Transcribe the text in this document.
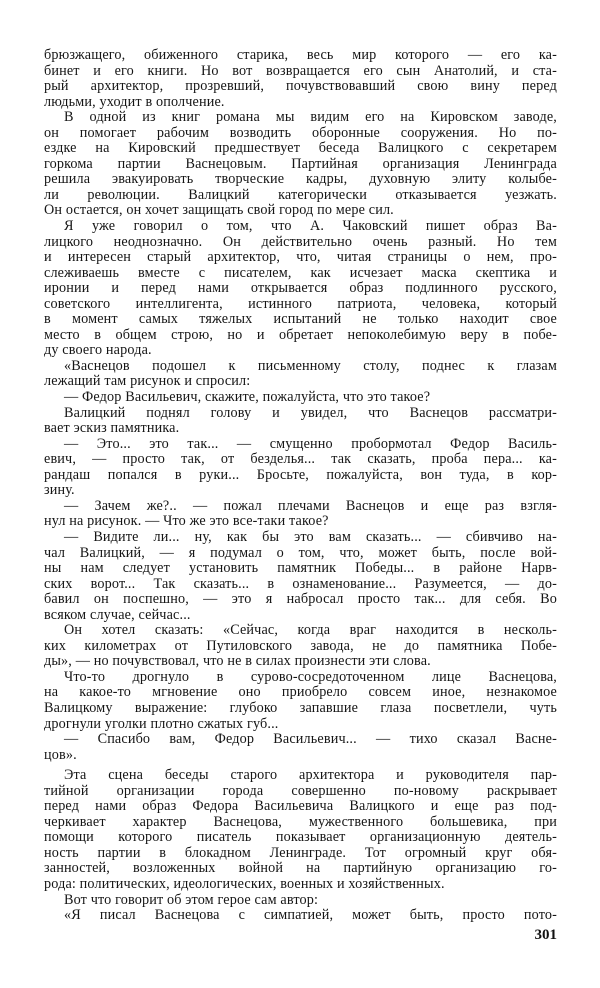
брюзжащего, обиженного старика, весь мир которого — его ка-
бинет и его книги. Но вот возвращается его сын Анатолий, и ста-
рый архитектор, прозревший, почувствовавший свою вину перед
людьми, уходит в ополчение.
В одной из книг романа мы видим его на Кировском заводе,
он помогает рабочим возводить оборонные сооружения. Но по-
ездке на Кировский предшествует беседа Валицкого с секретарем
горкома партии Васнецовым. Партийная организация Ленинграда
решила эвакуировать творческие кадры, духовную элиту колыбе-
ли революции. Валицкий категорически отказывается уезжать.
Он остается, он хочет защищать свой город по мере сил.
Я уже говорил о том, что А. Чаковский пишет образ Ва-
лицкого неоднозначно. Он действительно очень разный. Но тем
и интересен старый архитектор, что, читая страницы о нем, про-
слеживаешь вместе с писателем, как исчезает маска скептика и
иронии и перед нами открывается образ подлинного русского,
советского интеллигента, истинного патриота, человека, который
в момент самых тяжелых испытаний не только находит свое
место в общем строю, но и обретает непоколебимую веру в побе-
ду своего народа.
«Васнецов подошел к письменному столу, поднес к глазам
лежащий там рисунок и спросил:
— Федор Васильевич, скажите, пожалуйста, что это такое?
Валицкий поднял голову и увидел, что Васнецов рассматри-
вает эскиз памятника.
— Это... это так... — смущенно пробормотал Федор Василь-
евич, — просто так, от безделья... так сказать, проба пера... ка-
рандаш попался в руки... Бросьте, пожалуйста, вон туда, в кор-
зину.
— Зачем же?.. — пожал плечами Васнецов и еще раз взгля-
нул на рисунок. — Что же это все-таки такое?
— Видите ли... ну, как бы это вам сказать... — сбивчиво на-
чал Валицкий, — я подумал о том, что, может быть, после вой-
ны нам следует установить памятник Победы... в районе Нарв-
ских ворот... Так сказать... в ознаменование... Разумеется, — до-
бавил он поспешно, — это я набросал просто так... для себя. Во
всяком случае, сейчас...
Он хотел сказать: «Сейчас, когда враг находится в несколь-
ких километрах от Путиловского завода, не до памятника Побе-
ды», — но почувствовал, что не в силах произнести эти слова.
Что-то дрогнуло в сурово-сосредоточенном лице Васнецова,
на какое-то мгновение оно приобрело совсем иное, незнакомое
Валицкому выражение: глубоко запавшие глаза посветлели, чуть
дрогнули уголки плотно сжатых губ...
— Спасибо вам, Федор Васильевич... — тихо сказал Васне-
цов».
Эта сцена беседы старого архитектора и руководителя пар-
тийной организации города совершенно по-новому раскрывает
перед нами образ Федора Васильевича Валицкого и еще раз под-
черкивает характер Васнецова, мужественного большевика, при
помощи которого писатель показывает организационную деятель-
ность партии в блокадном Ленинграде. Тот огромный круг обя-
занностей, возложенных войной на партийную организацию го-
рода: политических, идеологических, военных и хозяйственных.
Вот что говорит об этом герое сам автор:
«Я писал Васнецова с симпатией, может быть, просто пото-
301
